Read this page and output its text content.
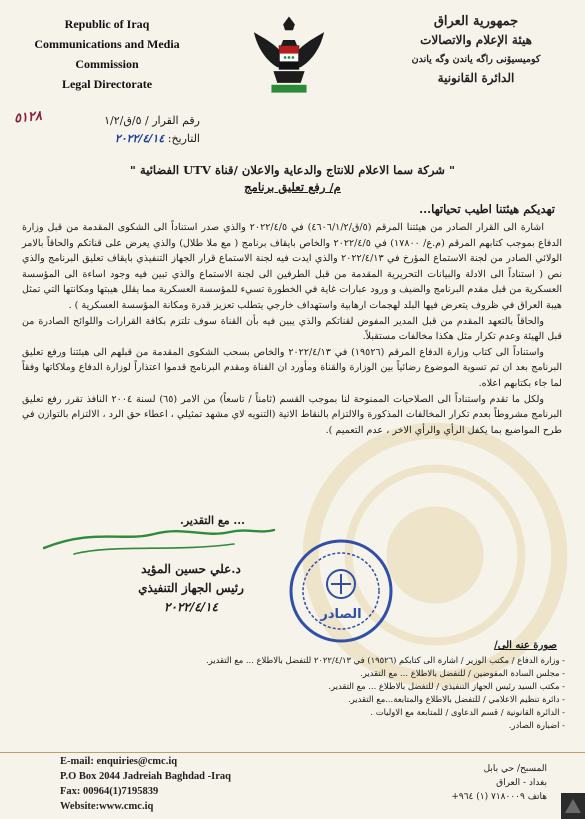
Republic of Iraq
Communications and Media
Commission
Legal Directorate
جمهورية العراق
هيئة الإعلام والاتصالات
كوميسيۆنى راگه ياندن وگه ياندن
الدائرة القانونية
٥١٢٨	رقم القرار / ٥/ق/١/٢
التاريخ: ٢٠٢٢/٤/١٤
" شركة سما الاعلام للانتاج والدعاية والاعلان /قناة UTV الفضائية "
م/ رفع تعليق برنامج
تهديكم هيئتنا اطيب تحياتها...

اشارة الى القرار الصادر من هيئتنا المرقم (٥/ق/٤٦٠٦/١/٢) في ٢٠٢٢/٤/٥ والذي صدر استناداً الى الشكوى المقدمة من قبل وزارة الدفاع بموجب كتابهم المرقم (م.ع/ ١٧٨٠٠) في ٢٠٢٢/٤/٥ والخاص بايقاف برنامج ( مع ملا طلال) والذي يعرض على قناتكم والحاقاً بالامر الولائي الصادر من لجنة الاستماع المؤرخ في ٢٠٢٢/٤/١٣ والذي ايدت فيه لجنة الاستماع قرار الجهاز التنفيذي بايقاف تعليق البرنامج والذي نص ( استناداً الى الادلة والبيانات التحريرية المقدمة من قبل الطرفين الى لجنة الاستماع والذي تبين فيه وجود اساءة الى المؤسسة العسكرية من قبل مقدم البرنامج والضيف و ورود عبارات غاية في الخطورة تسيء للمؤسسة العسكرية مما يقلل هيبتها ومكانتها التي تمثل هيبة العراق في ظروف يتعرض فيها البلد لهجمات ارهابية واستهداف خارجي يتطلب تعزيز قدرة ومكانة المؤسسة العسكرية ) .

والحاقاً بالتعهد المقدم من قبل المدير المفوض لقناتكم والذي يبين فيه بأن القناة سوف تلتزم بكافة القرارات واللوائح الصادرة من قبل الهيئة وعدم تكرار مثل هكذا مخالفات مستقبلاً.

واستناداً الى كتاب وزارة الدفاع المرقم (١٩٥٢٦) في ٢٠٢٢/٤/١٣ والخاص بسحب الشكوى المقدمة من قبلهم الى هيئتنا ورفع تعليق البرنامج بعد ان تم تسوية الموضوع رضائياً بين الوزارة والقناة ومأورد ان القناة ومقدم البرنامج قدموا اعتذاراً لوزارة الدفاع وملاكاتها وفقاً لما جاء بكتابهم اعلاه.

ولكل ما تقدم واستناداً الى الصلاحيات الممنوحة لنا بموجب القسم (ثامناً / تاسعاً) من الامر (٦٥) لسنة ٢٠٠٤ النافذ تقرر رفع تعليق البرنامج مشروطاً بعدم تكرار المخالفات المذكورة والالتزام بالنقاط الاتية (التنويه لاي مشهد تمثيلي ، اعطاء حق الرد ، الالتزام بالتوازن في طرح المواضيع بما يكفل الرأي والرأي الاخر ، عدم التعميم ).

... مع التقدير.
د.علي حسين المؤيد
رئيس الجهاز التنفيذي
٢٠٢٢/٤/١٤	الصادر
صورة عنه الى/
- وزارة الدفاع / مكتب الوزير / اشارة الى كتابكم (١٩٥٢٦) في ٢٠٢٢/٤/١٣ للتفضل بالاطلاع ... مع التقدير.
- مجلس السادة المفوضين / للتفضل بالاطلاع ... مع التقدير.
- مكتب السيد رئيس الجهاز التنفيذي / للتفضل بالاطلاع ... مع التقدير.
- دائرة تنظيم الاعلامي / للتفضل بالاطلاع والمتابعة...مع التقدير.
- الدائرة القانونية / قسم الدعاوى / للمتابعة مع الاوليات .
- اضبارة الصادر.
E-mail: enquiries@cmc.iq
P.O Box 2044 Jadreiah Baghdad -Iraq
Fax: 00964(1)7195839
Website:www.cmc.iq
المسبح/ حي بابل
بغداد - العراق
هاتف ٧١٨٠٠٠٩ (١) ٩٦٤+
